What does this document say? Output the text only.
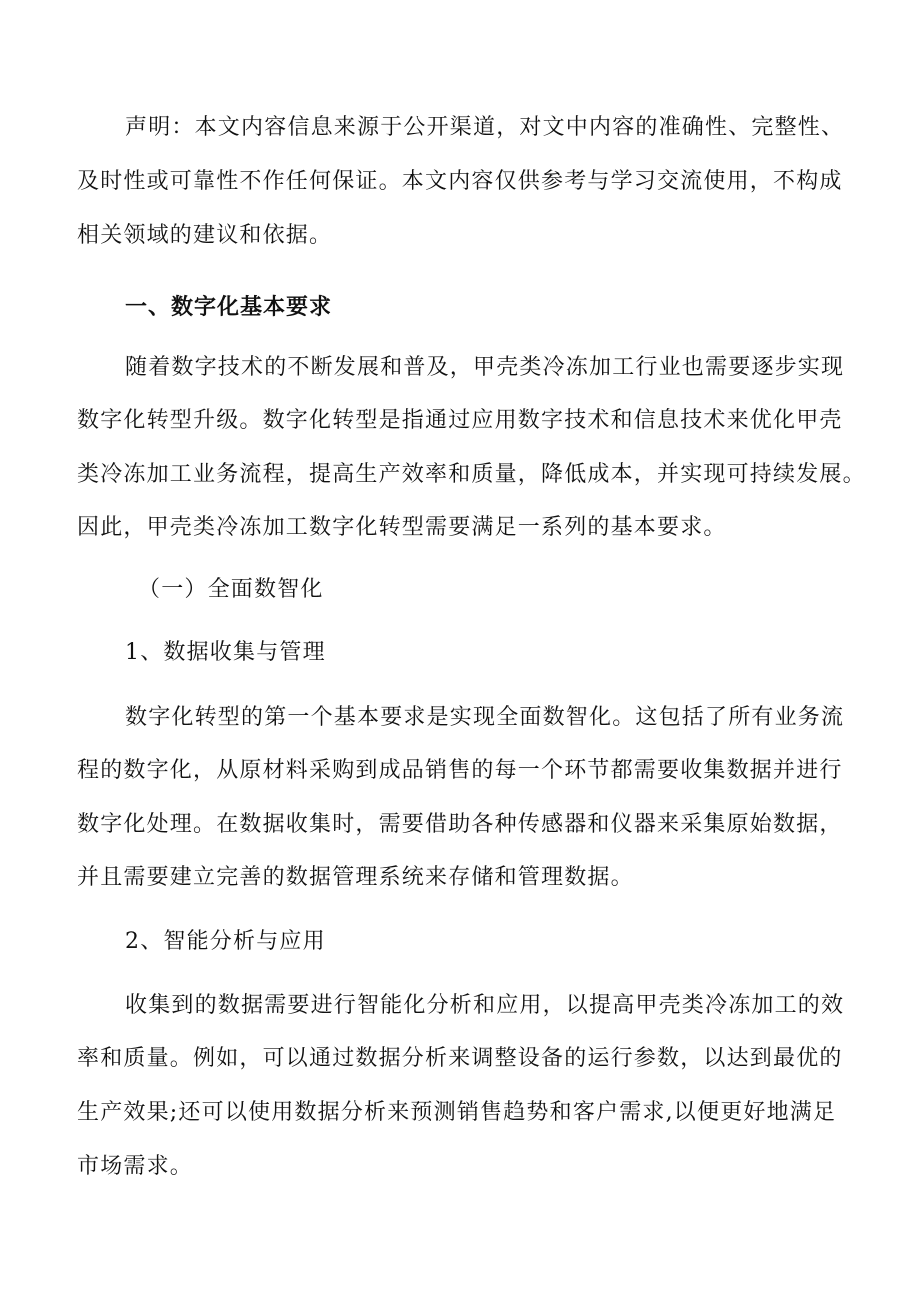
声明：本文内容信息来源于公开渠道，对文中内容的准确性、完整性、
及时性或可靠性不作任何保证。本文内容仅供参考与学习交流使用，不构成
相关领域的建议和依据。
一、数字化基本要求
随着数字技术的不断发展和普及，甲壳类冷冻加工行业也需要逐步实现
数字化转型升级。数字化转型是指通过应用数字技术和信息技术来优化甲壳
类冷冻加工业务流程，提高生产效率和质量，降低成本，并实现可持续发展。
因此，甲壳类冷冻加工数字化转型需要满足一系列的基本要求。
（一）全面数智化
1、数据收集与管理
数字化转型的第一个基本要求是实现全面数智化。这包括了所有业务流
程的数字化，从原材料采购到成品销售的每一个环节都需要收集数据并进行
数字化处理。在数据收集时，需要借助各种传感器和仪器来采集原始数据，
并且需要建立完善的数据管理系统来存储和管理数据。
2、智能分析与应用
收集到的数据需要进行智能化分析和应用，以提高甲壳类冷冻加工的效
率和质量。例如，可以通过数据分析来调整设备的运行参数，以达到最优的
生产效果;还可以使用数据分析来预测销售趋势和客户需求,以便更好地满足
市场需求。
